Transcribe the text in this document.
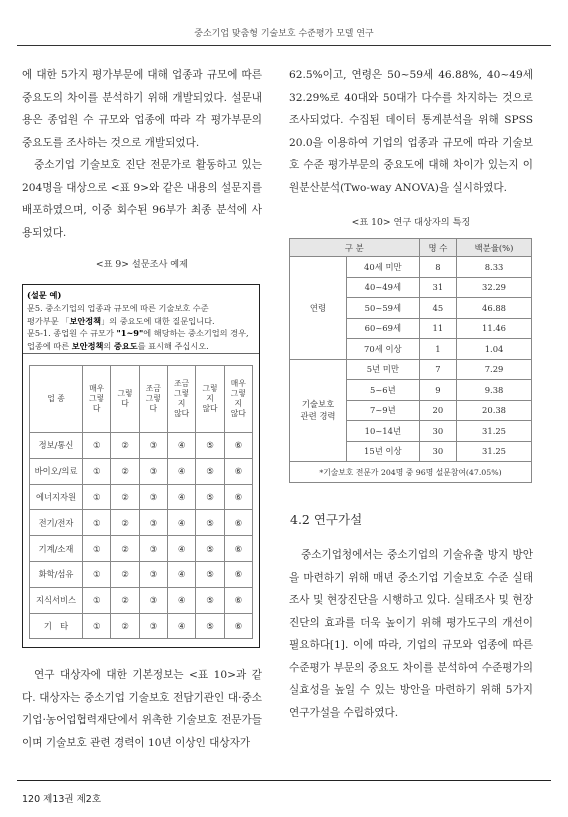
중소기업 맞춤형 기술보호 수준평가 모델 연구

에 대한 5가지 평가부문에 대해 업종과 규모에 따른 중요도의 차이를 분석하기 위해 개발되었다. 설문내용은 종업원 수 규모와 업종에 따라 각 평가부문의 중요도를 조사하는 것으로 개발되었다.

중소기업 기술보호 진단 전문가로 활동하고 있는 204명을 대상으로 <표 9>와 같은 내용의 설문지를 배포하였으며, 이중 회수된 96부가 최종 분석에 사용되었다.

<표 9> 설문조사 예제
(설문 예)
문5. 중소기업의 업종과 규모에 따른 기술보호 수준
평가부문 「보안정책」의 중요도에 대한 질문입니다.
문5-1. 종업원 수 규모가 "1~9"에 해당하는 중소기업의 경우,
업종에 따른 보안정책의 중요도를 표시해 주십시오.
업 종	매우
그렇
다	그렇
다	조금
그렇
다	조금
그렇
지
않다	그렇
지
않다	매우
그렇
지
않다
정보/통신	①	②	③	④	⑤	⑥
바이오/의료	①	②	③	④	⑤	⑥
에너지자원	①	②	③	④	⑤	⑥
전기/전자	①	②	③	④	⑤	⑥
기계/소재	①	②	③	④	⑤	⑥
화학/섬유	①	②	③	④	⑤	⑥
지식서비스	①	②	③	④	⑤	⑥
기　타	①	②	③	④	⑤	⑥

연구 대상자에 대한 기본정보는 <표 10>과 같다. 대상자는 중소기업 기술보호 전담기관인 대·중소기업·농어업협력재단에서 위촉한 기술보호 전문가들이며 기술보호 관련 경력이 10년 이상인 대상자가

62.5%이고, 연령은 50~59세 46.88%, 40~49세 32.29%로 40대와 50대가 다수를 차지하는 것으로 조사되었다. 수집된 데이터 통계분석을 위해 SPSS 20.0을 이용하여 기업의 업종과 규모에 따라 기술보호 수준 평가부문의 중요도에 대해 차이가 있는지 이원분산분석(Two-way ANOVA)을 실시하였다.

<표 10> 연구 대상자의 특징
구 분		명 수	백분율(%)
연령	40세 미만	8	8.33
	40~49세	31	32.29
	50~59세	45	46.88
	60~69세	11	11.46
	70세 이상	1	1.04
기술보호
관련 경력	5년 미만	7	7.29
	5~6년	9	9.38
	7~9년	20	20.38
	10~14년	30	31.25
	15년 이상	30	31.25
*기술보호 전문가 204명 중 96명 설문참여(47.05%)			
4.2 연구가설

중소기업청에서는 중소기업의 기술유출 방지 방안을 마련하기 위해 매년 중소기업 기술보호 수준 실태조사 및 현장진단을 시행하고 있다. 실태조사 및 현장진단의 효과를 더욱 높이기 위해 평가도구의 개선이 필요하다[1]. 이에 따라, 기업의 규모와 업종에 따른 수준평가 부문의 중요도 차이를 분석하여 수준평가의 실효성을 높일 수 있는 방안을 마련하기 위해 5가지 연구가설을 수립하였다.

120 제13권 제2호
